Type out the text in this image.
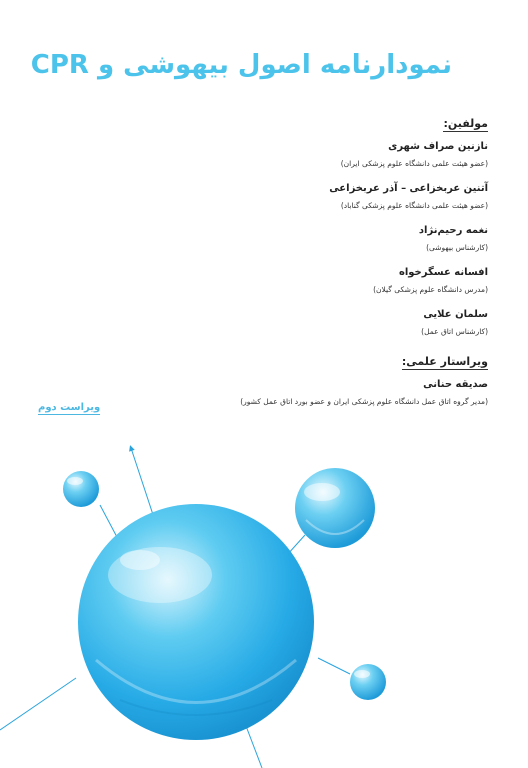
نمودارنامه اصول بیهوشی و CPR
مولفین:
نازنین صراف شهری
(عضو هیئت علمی دانشگاه علوم پزشکی ایران)
آتنین عربخزاعی – آذر عربخزاعی
(عضو هیئت علمی دانشگاه علوم پزشکی گناباد)
نغمه رحیم‌نژاد
(کارشناس بیهوشی)
افسانه عسگرخواه
(مدرس دانشگاه علوم پزشکی گیلان)
سلمان علایی
(کارشناس اتاق عمل)
ویراستار علمی:
صدیقه حنانی
(مدیر گروه اتاق عمل دانشگاه علوم پزشکی ایران و عضو بورد اتاق عمل کشور)
ویراست دوم
